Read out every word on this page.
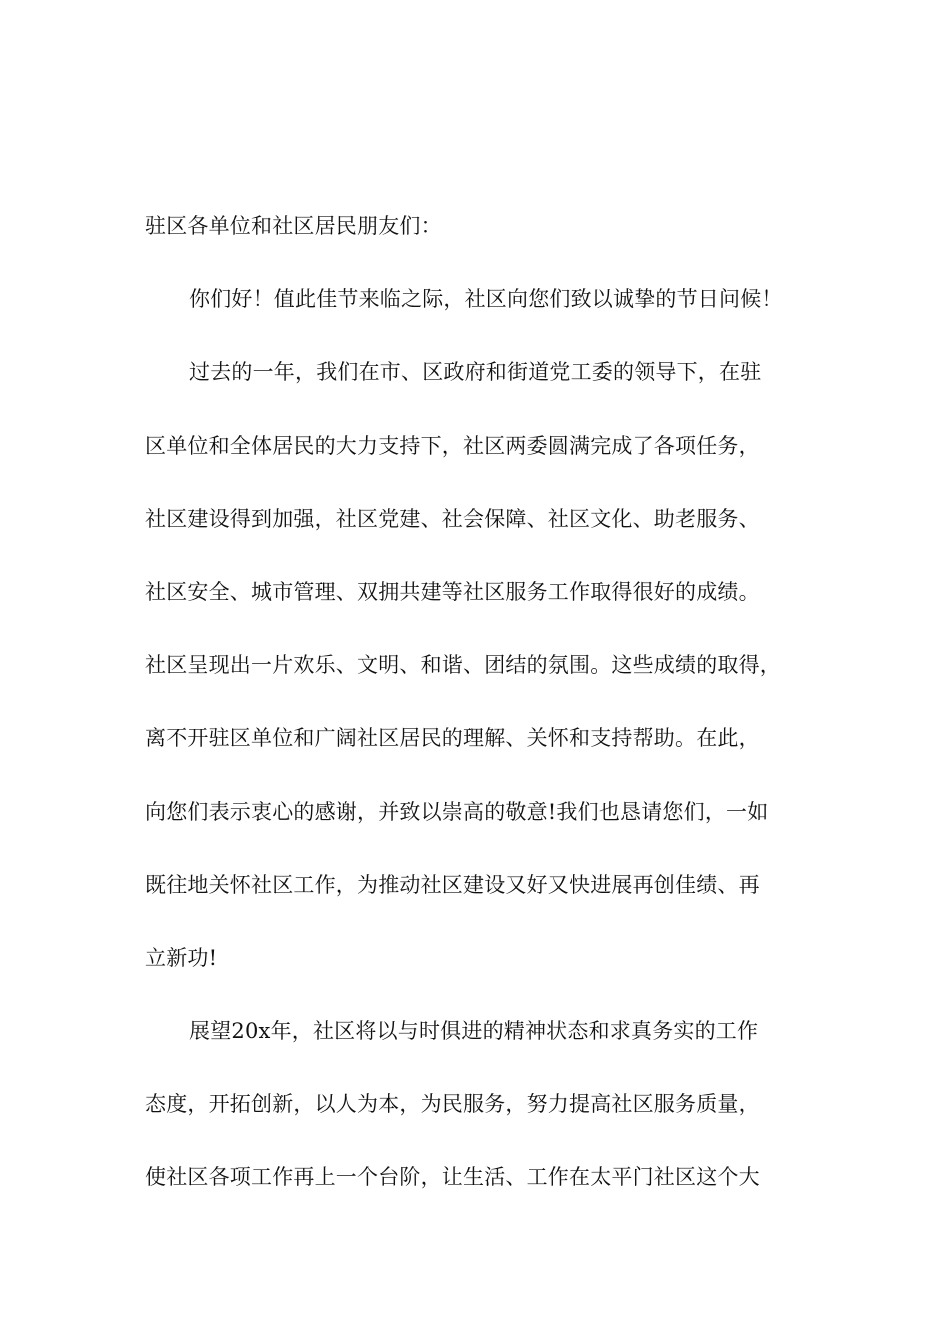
驻区各单位和社区居民朋友们：
你们好！值此佳节来临之际，社区向您们致以诚挚的节日问候！
过去的一年，我们在市、区政府和街道党工委的领导下，在驻
区单位和全体居民的大力支持下，社区两委圆满完成了各项任务，
社区建设得到加强，社区党建、社会保障、社区文化、助老服务、
社区安全、城市管理、双拥共建等社区服务工作取得很好的成绩。
社区呈现出一片欢乐、文明、和谐、团结的氛围。这些成绩的取得，
离不开驻区单位和广阔社区居民的理解、关怀和支持帮助。在此，
向您们表示衷心的感谢，并致以崇高的敬意!我们也恳请您们，一如
既往地关怀社区工作，为推动社区建设又好又快进展再创佳绩、再
立新功!
展望20x年，社区将以与时俱进的精神状态和求真务实的工作
态度，开拓创新，以人为本，为民服务，努力提高社区服务质量，
使社区各项工作再上一个台阶，让生活、工作在太平门社区这个大
